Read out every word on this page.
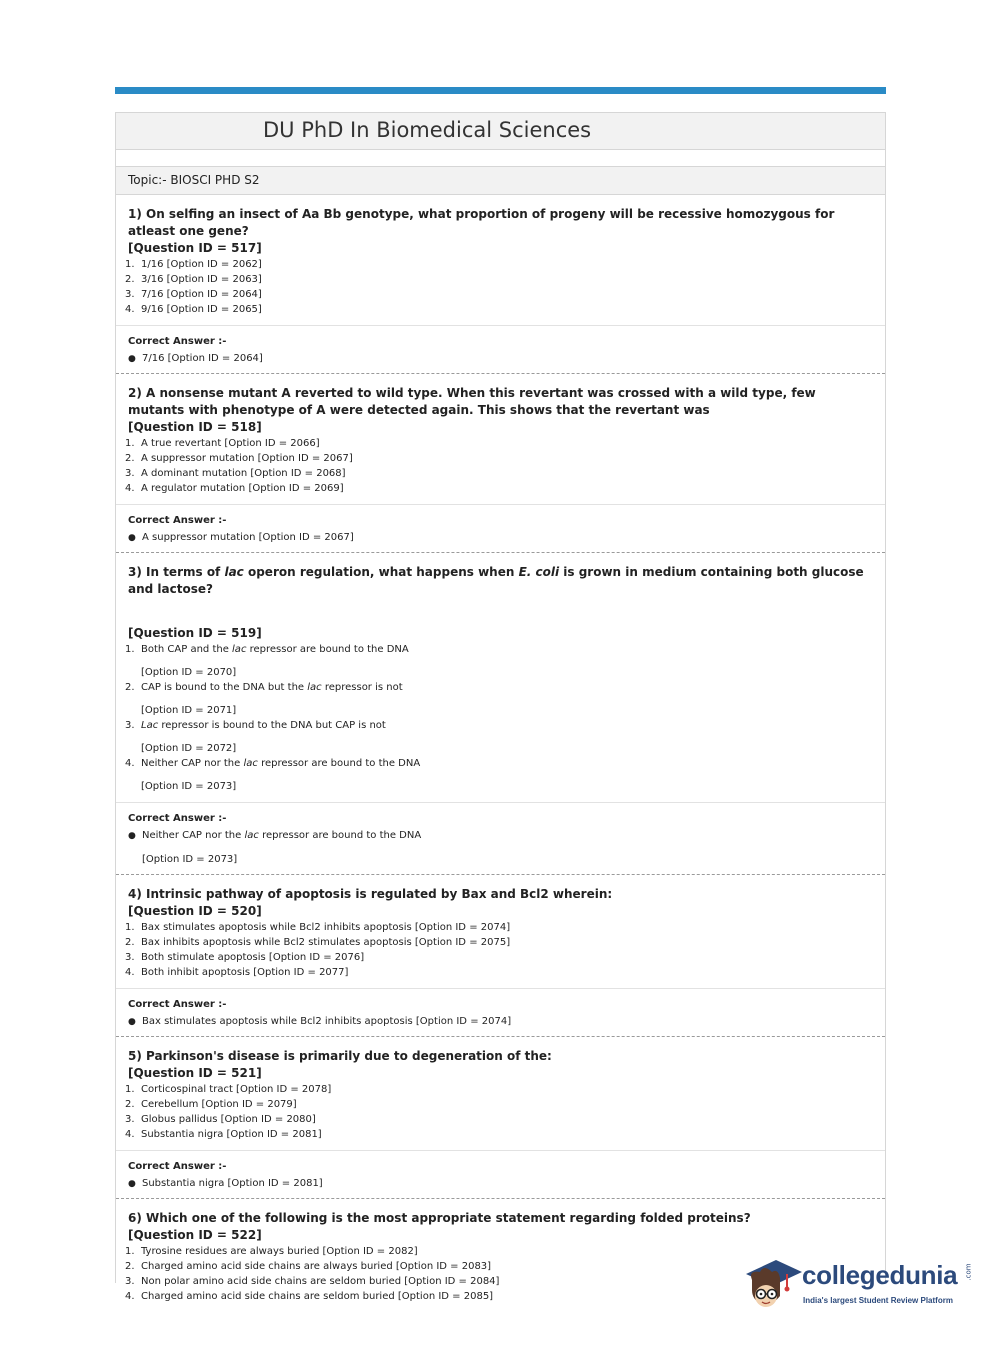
DU PhD In Biomedical Sciences
Topic:- BIOSCI PHD S2
1) On selfing an insect of Aa Bb genotype, what proportion of progeny will be recessive homozygous for atleast one gene?
[Question ID = 517]
1. 1/16 [Option ID = 2062]
2. 3/16 [Option ID = 2063]
3. 7/16 [Option ID = 2064]
4. 9/16 [Option ID = 2065]
Correct Answer :-
● 7/16 [Option ID = 2064]
2) A nonsense mutant A reverted to wild type. When this revertant was crossed with a wild type, few mutants with phenotype of A were detected again. This shows that the revertant was
[Question ID = 518]
1. A true revertant [Option ID = 2066]
2. A suppressor mutation [Option ID = 2067]
3. A dominant mutation [Option ID = 2068]
4. A regulator mutation [Option ID = 2069]
Correct Answer :-
● A suppressor mutation [Option ID = 2067]
3) In terms of lac operon regulation, what happens when E. coli is grown in medium containing both glucose and lactose?
[Question ID = 519]
1. Both CAP and the lac repressor are bound to the DNA
[Option ID = 2070]
2. CAP is bound to the DNA but the lac repressor is not
[Option ID = 2071]
3. Lac repressor is bound to the DNA but CAP is not
[Option ID = 2072]
4. Neither CAP nor the lac repressor are bound to the DNA
[Option ID = 2073]
Correct Answer :-
● Neither CAP nor the lac repressor are bound to the DNA
[Option ID = 2073]
4) Intrinsic pathway of apoptosis is regulated by Bax and Bcl2 wherein:
[Question ID = 520]
1. Bax stimulates apoptosis while Bcl2 inhibits apoptosis [Option ID = 2074]
2. Bax inhibits apoptosis while Bcl2 stimulates apoptosis [Option ID = 2075]
3. Both stimulate apoptosis [Option ID = 2076]
4. Both inhibit apoptosis [Option ID = 2077]
Correct Answer :-
● Bax stimulates apoptosis while Bcl2 inhibits apoptosis [Option ID = 2074]
5) Parkinson's disease is primarily due to degeneration of the:
[Question ID = 521]
1. Corticospinal tract [Option ID = 2078]
2. Cerebellum [Option ID = 2079]
3. Globus pallidus [Option ID = 2080]
4. Substantia nigra [Option ID = 2081]
Correct Answer :-
● Substantia nigra [Option ID = 2081]
6) Which one of the following is the most appropriate statement regarding folded proteins?
[Question ID = 522]
1. Tyrosine residues are always buried [Option ID = 2082]
2. Charged amino acid side chains are always buried [Option ID = 2083]
3. Non polar amino acid side chains are seldom buried [Option ID = 2084]
4. Charged amino acid side chains are seldom buried [Option ID = 2085]
collegedunia .com
India's largest Student Review Platform
